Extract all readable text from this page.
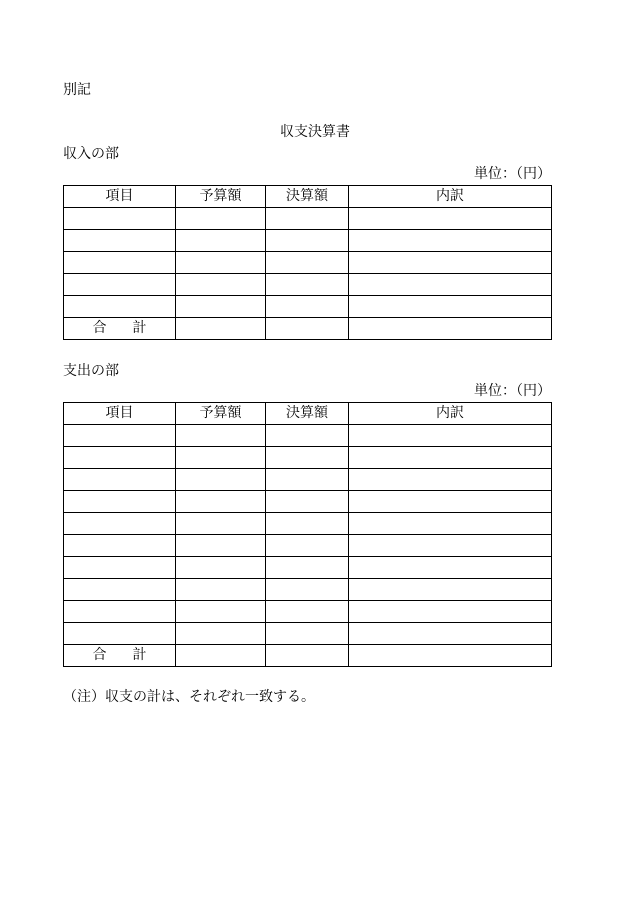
別記
収支決算書
収入の部
単位：（円）
項目	予算額	決算額	内訳

合 計			
支出の部
単位：（円）
項目	予算額	決算額	内訳

合 計			
（注）収支の計は、それぞれ一致する。
